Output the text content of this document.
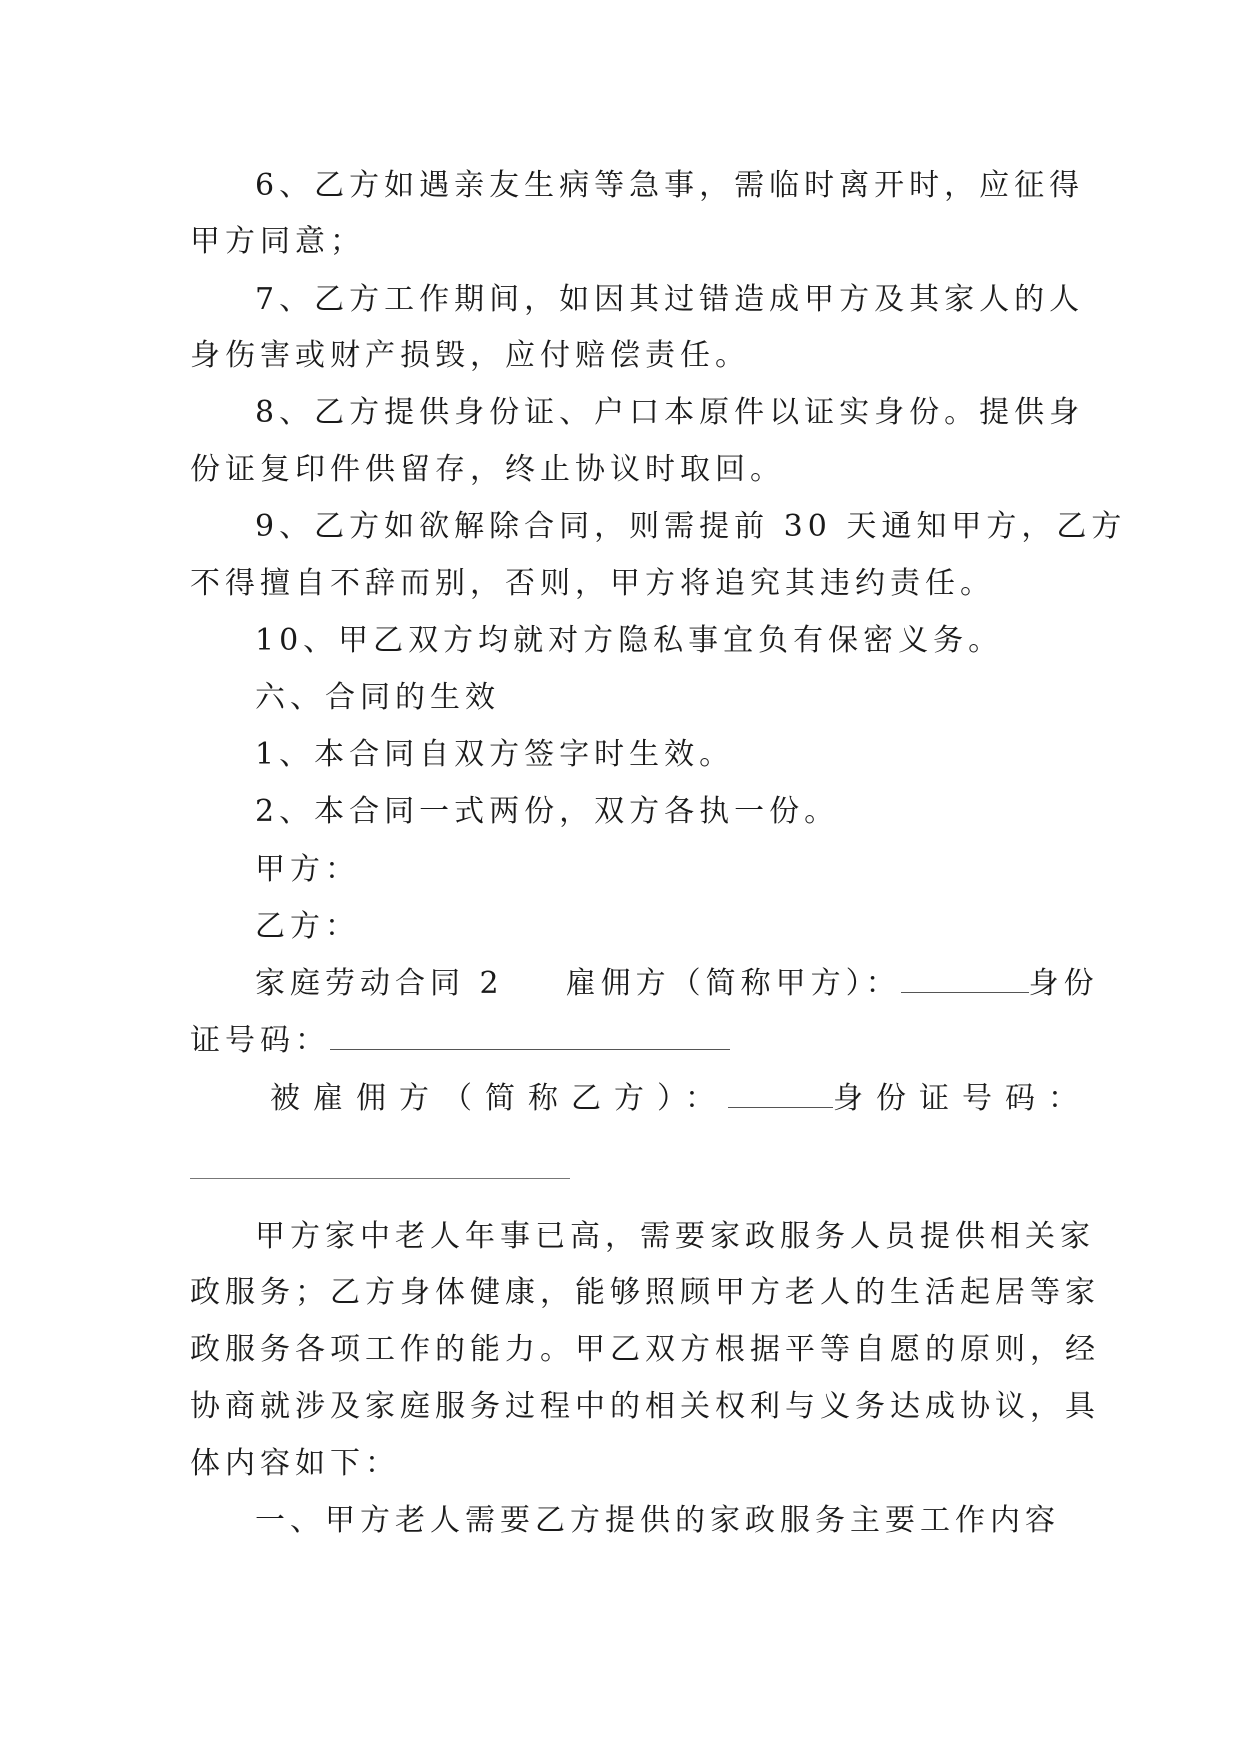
6、乙方如遇亲友生病等急事，需临时离开时，应征得
甲方同意；
7、乙方工作期间，如因其过错造成甲方及其家人的人
身伤害或财产损毁，应付赔偿责任。
8、乙方提供身份证、户口本原件以证实身份。提供身
份证复印件供留存，终止协议时取回。
9、乙方如欲解除合同，则需提前 30 天通知甲方，乙方
不得擅自不辞而别，否则，甲方将追究其违约责任。
10、甲乙双方均就对方隐私事宜负有保密义务。
六、合同的生效
1、本合同自双方签字时生效。
2、本合同一式两份，双方各执一份。
甲方：
乙方：
家庭劳动合同 2 雇佣方（简称甲方）：	身份
证号码：
被雇佣方（简称乙方）：	身份证号码：
甲方家中老人年事已高，需要家政服务人员提供相关家
政服务；乙方身体健康，能够照顾甲方老人的生活起居等家
政服务各项工作的能力。甲乙双方根据平等自愿的原则，经
协商就涉及家庭服务过程中的相关权利与义务达成协议，具
体内容如下：
一、甲方老人需要乙方提供的家政服务主要工作内容
